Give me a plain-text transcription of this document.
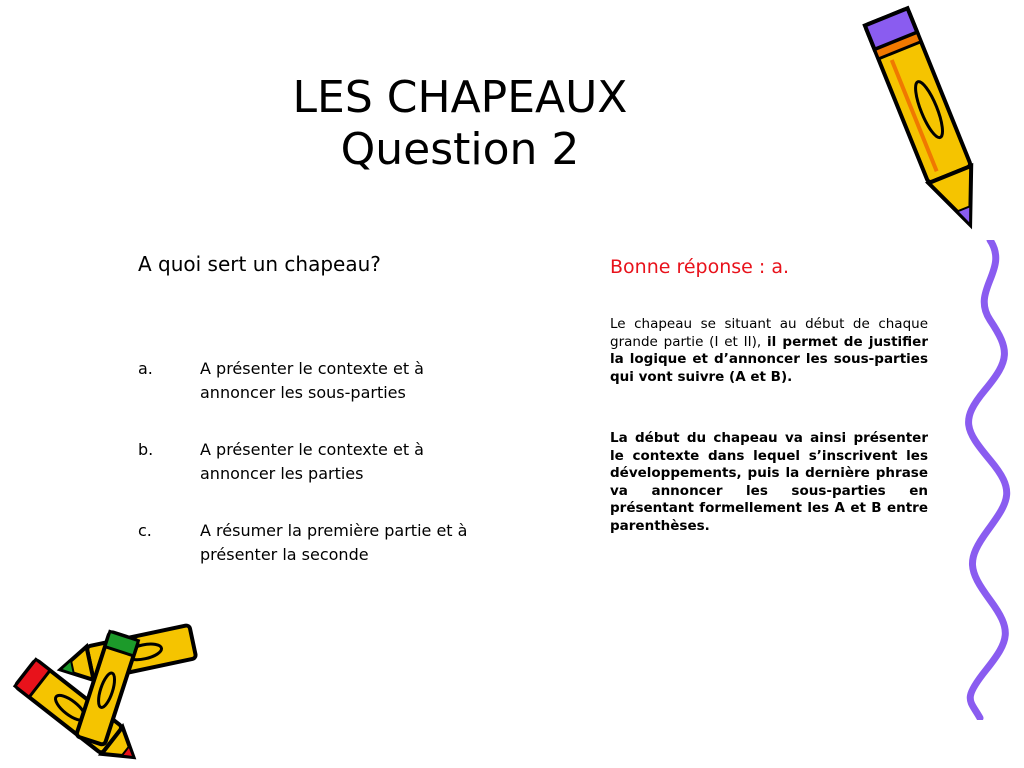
LES CHAPEAUX
Question 2

A quoi sert un chapeau?

a.	A présenter le contexte et à annoncer les sous-parties
b.	A présenter le contexte et à annoncer les parties
c.	A résumer la première partie et à présenter la seconde

Bonne réponse : a.

Le chapeau se situant au début de chaque grande partie (I et II), il permet de justifier la logique et d’annoncer les sous-parties qui vont suivre (A et B).

La début du chapeau va ainsi présenter le contexte dans lequel s’inscrivent les développements, puis la dernière phrase va annoncer les sous-parties en présentant formellement les A et B entre parenthèses.
